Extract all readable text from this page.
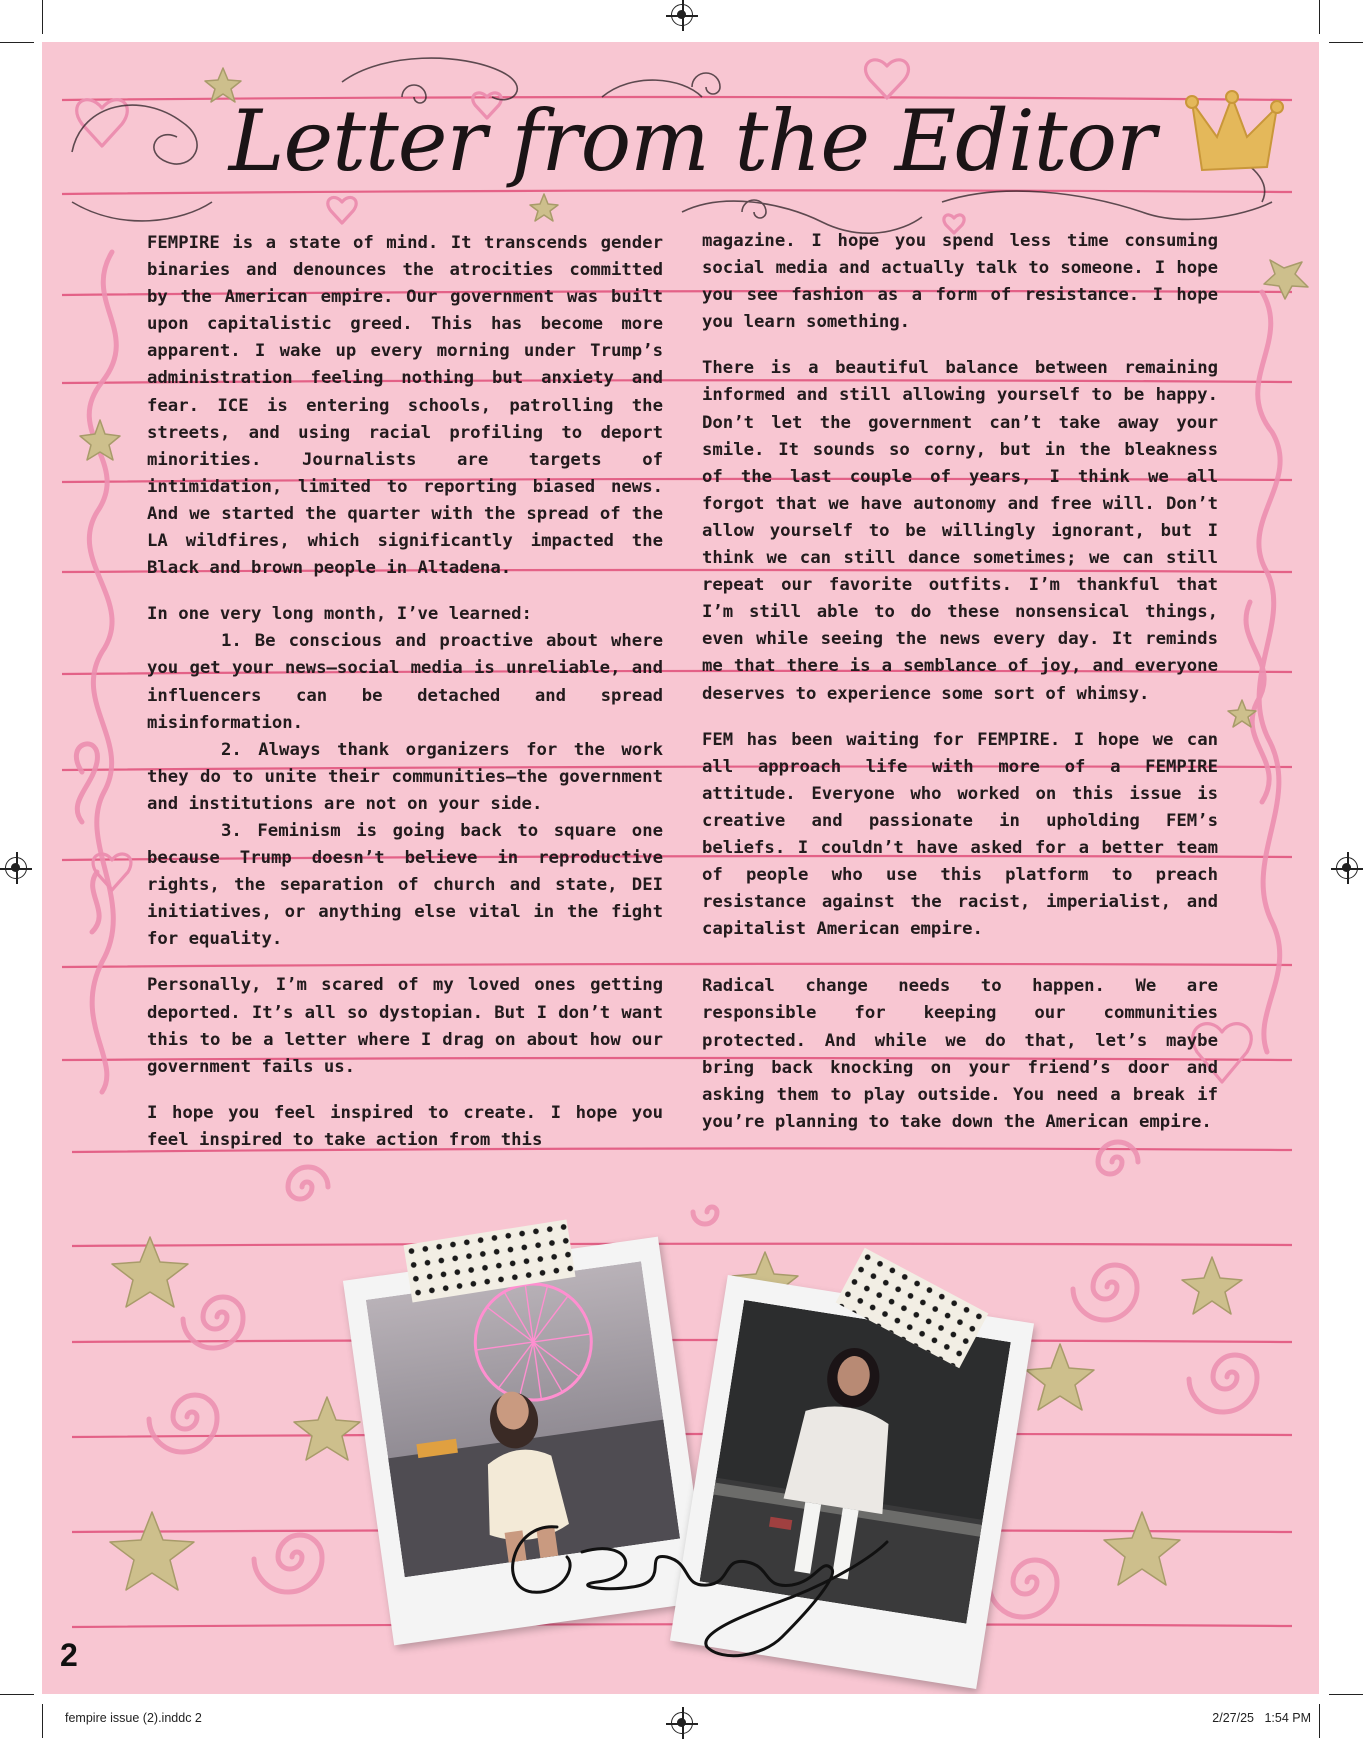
Letter from the Editor

FEMPIRE is a state of mind. It transcends gender binaries and denounces the atrocities committed by the American empire. Our government was built upon capitalistic greed. This has become more apparent. I wake up every morning under Trump’s administration feeling nothing but anxiety and fear. ICE is entering schools, patrolling the streets, and using racial profiling to deport minorities. Journalists are targets of intimidation, limited to reporting biased news. And we started the quarter with the spread of the LA wildfires, which significantly impacted the Black and brown people in Altadena.

In one very long month, I’ve learned:

1. Be conscious and proactive about where you get your news—social media is unreliable, and influencers can be detached and spread misinformation.

2. Always thank organizers for the work they do to unite their communities—the government and institutions are not on your side.

3. Feminism is going back to square one because Trump doesn’t believe in reproductive rights, the separation of church and state, DEI initiatives, or anything else vital in the fight for equality.

Personally, I’m scared of my loved ones getting deported. It’s all so dystopian. But I don’t want this to be a letter where I drag on about how our government fails us.

I hope you feel inspired to create. I hope you feel inspired to take action from this

magazine. I hope you spend less time consuming social media and actually talk to someone. I hope you see fashion as a form of resistance. I hope you learn something.

There is a beautiful balance between remaining informed and still allowing yourself to be happy. Don’t let the government can’t take away your smile. It sounds so corny, but in the bleakness of the last couple of years, I think we all forgot that we have autonomy and free will. Don’t allow yourself to be willingly ignorant, but I think we can still dance sometimes; we can still repeat our favorite outfits. I’m thankful that I’m still able to do these nonsensical things, even while seeing the news every day. It reminds me that there is a semblance of joy, and everyone deserves to experience some sort of whimsy.

FEM has been waiting for FEMPIRE. I hope we can all approach life with more of a FEMPIRE attitude. Everyone who worked on this issue is creative and passionate in upholding FEM’s beliefs. I couldn’t have asked for a better team of people who use this platform to preach resistance against the racist, imperialist, and capitalist American empire.

Radical change needs to happen. We are responsible for keeping our communities protected. And while we do that, let’s maybe bring back knocking on your friend’s door and asking them to play outside. You need a break if you’re planning to take down the American empire.

2
fempire issue (2).inddc 2	2/27/25 1:54 PM
